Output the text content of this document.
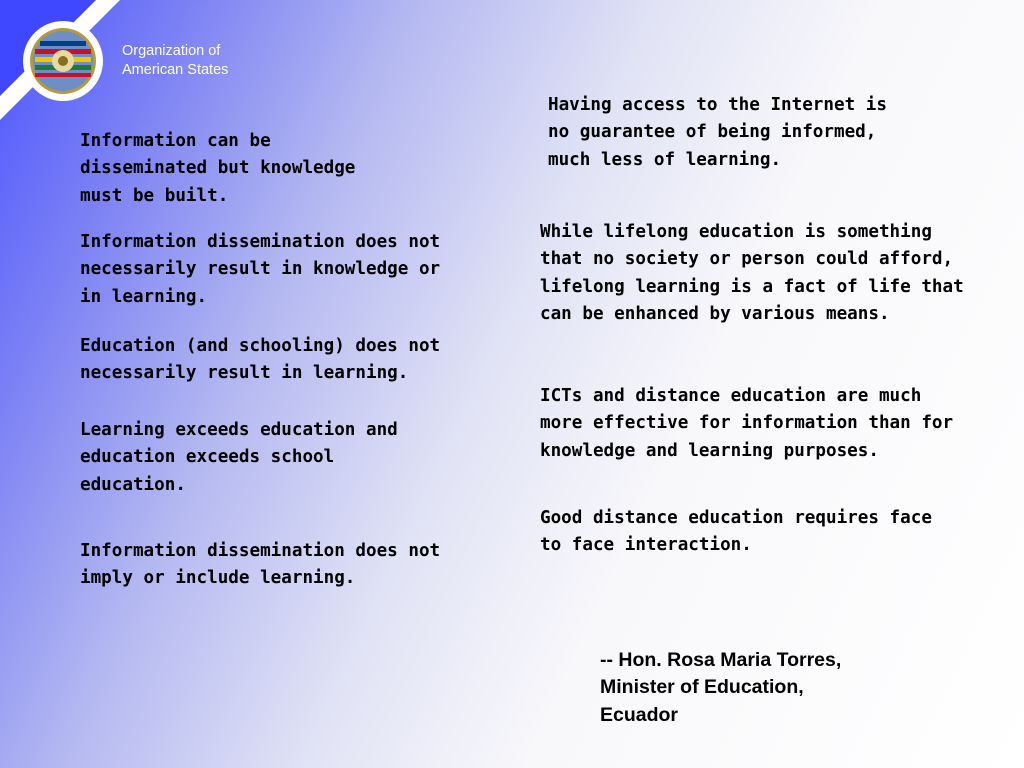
Organization of
American States

Information can be
disseminated but knowledge
must be built.

Information dissemination does not
necessarily result in knowledge or
in learning.

Education (and schooling) does not
necessarily result in learning.

Learning exceeds education and
education exceeds school
education.

Information dissemination does not
imply or include learning.

Having access to the Internet is
no guarantee of being informed,
much less of learning.

While lifelong education is something
that no society or person could afford,
lifelong learning is a fact of life that
can be enhanced by various means.

ICTs and distance education are much
more effective for information than for
knowledge and learning purposes.

Good distance education requires face
to face interaction.

-- Hon. Rosa Maria Torres,
Minister of Education,
Ecuador
